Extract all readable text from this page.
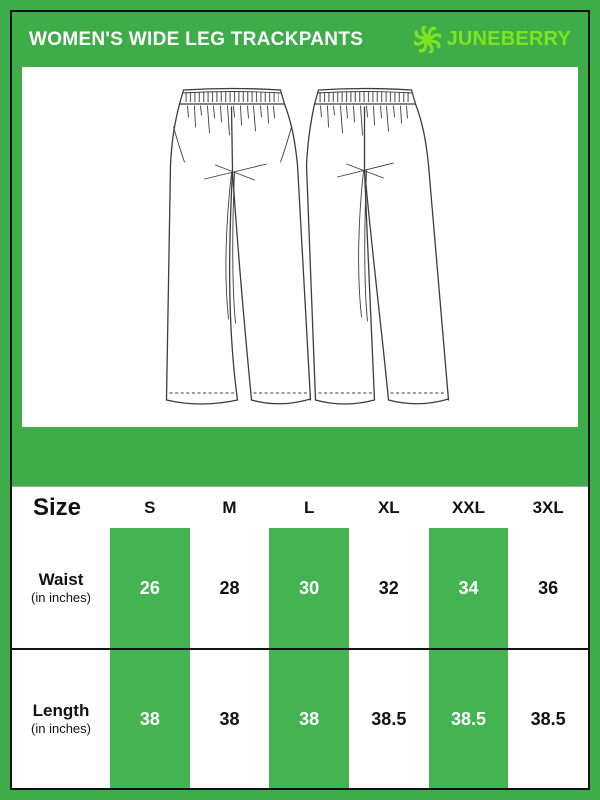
WOMEN'S WIDE LEG TRACKPANTS	JUNEBERRY
Size	S	M	L	XL	XXL	3XL
Waist
(in inches)
26	28	30	32	34	36
Length
(in inches)
38	38	38	38.5	38.5	38.5
